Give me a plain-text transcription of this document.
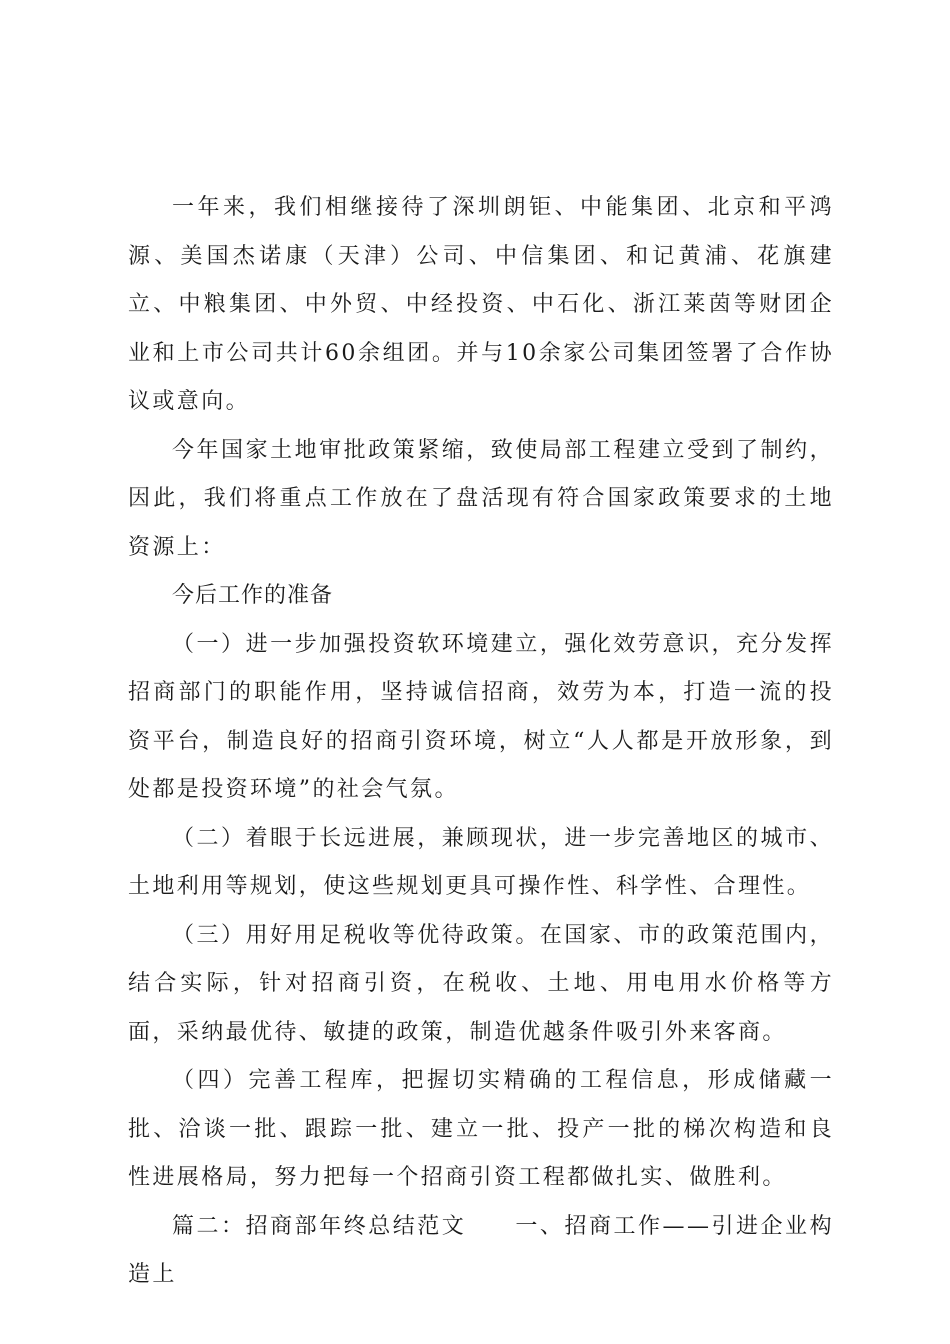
一年来，我们相继接待了深圳朗钜、中能集团、北京和平鸿源、美国杰诺康（天津）公司、中信集团、和记黄浦、花旗建立、中粮集团、中外贸、中经投资、中石化、浙江莱茵等财团企业和上市公司共计60余组团。并与10余家公司集团签署了合作协议或意向。

今年国家土地审批政策紧缩，致使局部工程建立受到了制约，因此，我们将重点工作放在了盘活现有符合国家政策要求的土地资源上：

今后工作的准备

（一）进一步加强投资软环境建立，强化效劳意识，充分发挥招商部门的职能作用，坚持诚信招商，效劳为本，打造一流的投资平台，制造良好的招商引资环境，树立“人人都是开放形象，到处都是投资环境”的社会气氛。

（二）着眼于长远进展，兼顾现状，进一步完善地区的城市、土地利用等规划，使这些规划更具可操作性、科学性、合理性。

（三）用好用足税收等优待政策。在国家、市的政策范围内，结合实际，针对招商引资，在税收、土地、用电用水价格等方面，采纳最优待、敏捷的政策，制造优越条件吸引外来客商。

（四）完善工程库，把握切实精确的工程信息，形成储藏一批、洽谈一批、跟踪一批、建立一批、投产一批的梯次构造和良性进展格局，努力把每一个招商引资工程都做扎实、做胜利。

篇二：招商部年终总结范文　　一、招商工作——引进企业构造上
